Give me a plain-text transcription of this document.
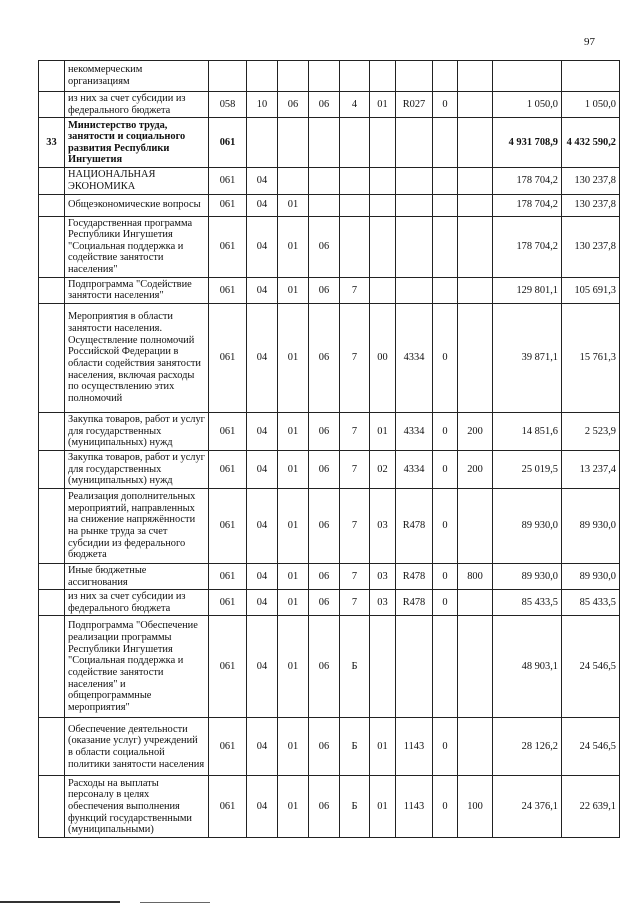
97
	некоммерческим организациям											
	из них за счет субсидии из федерального бюджета	058	10	06	06	4	01	R027	0		1 050,0	1 050,0
33	Министерство труда, занятости и социального развития Республики Ингушетия	061									4 931 708,9	4 432 590,2
	НАЦИОНАЛЬНАЯ ЭКОНОМИКА	061	04								178 704,2	130 237,8
	Общеэкономические вопросы	061	04	01							178 704,2	130 237,8
	Государственная программа Республики Ингушетия "Социальная поддержка и содействие занятости населения"	061	04	01	06						178 704,2	130 237,8
	Подпрограмма "Содействие занятости населения"	061	04	01	06	7					129 801,1	105 691,3
	Мероприятия в области занятости населения. Осуществление полномочий Российской Федерации в области содействия занятости населения, включая расходы по осуществлению этих полномочий	061	04	01	06	7	00	4334	0		39 871,1	15 761,3
	Закупка товаров, работ и услуг для государственных (муниципальных) нужд	061	04	01	06	7	01	4334	0	200	14 851,6	2 523,9
	Закупка товаров, работ и услуг для государственных (муниципальных) нужд	061	04	01	06	7	02	4334	0	200	25 019,5	13 237,4
	Реализация дополнительных мероприятий, направленных на снижение напряжённости на рынке труда за счет субсидии из федерального бюджета	061	04	01	06	7	03	R478	0		89 930,0	89 930,0
	Иные бюджетные ассигнования	061	04	01	06	7	03	R478	0	800	89 930,0	89 930,0
	из них за счет субсидии из федерального бюджета	061	04	01	06	7	03	R478	0		85 433,5	85 433,5
	Подпрограмма "Обеспечение реализации программы Республики Ингушетия "Социальная поддержка и содействие занятости населения" и общепрограммные мероприятия"	061	04	01	06	Б					48 903,1	24 546,5
	Обеспечение деятельности (оказание услуг) учреждений в области социальной политики занятости населения	061	04	01	06	Б	01	1143	0		28 126,2	24 546,5
	Расходы на выплаты персоналу в целях обеспечения выполнения функций государственными (муниципальными)	061	04	01	06	Б	01	1143	0	100	24 376,1	22 639,1
